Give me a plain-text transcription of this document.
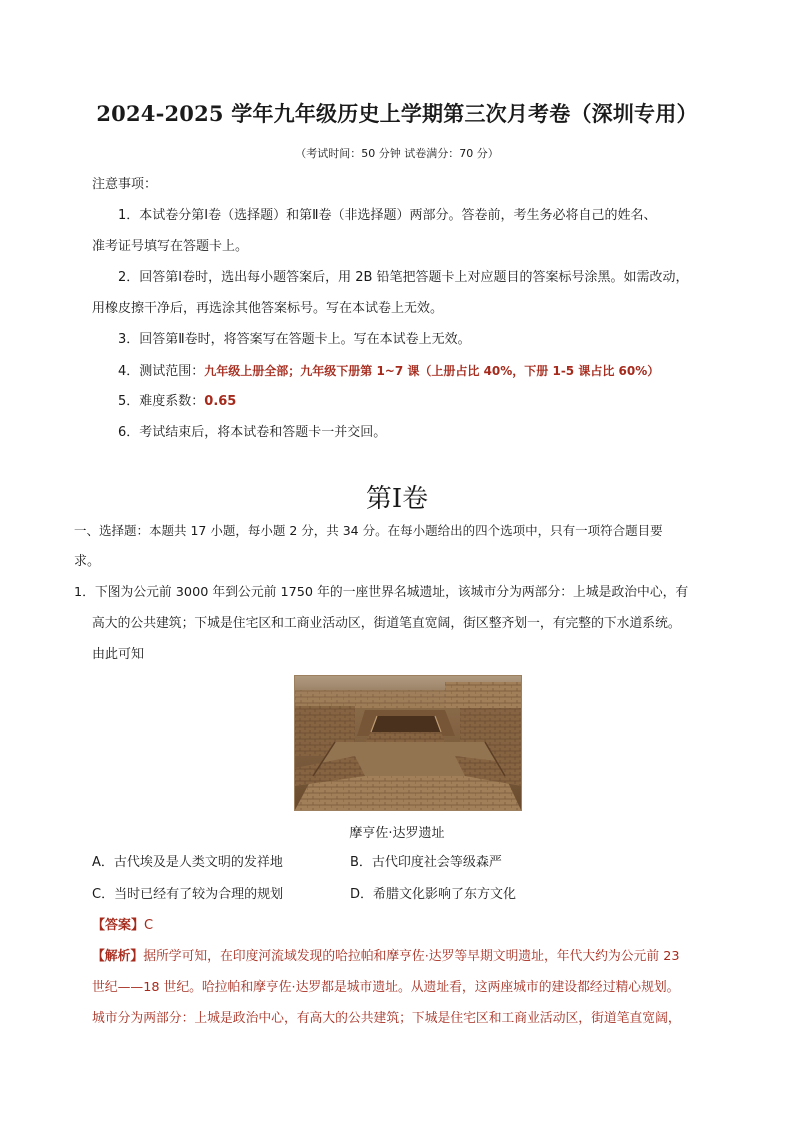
2024-2025 学年九年级历史上学期第三次月考卷（深圳专用）
（考试时间：50 分钟 试卷满分：70 分）
注意事项：
1．本试卷分第Ⅰ卷（选择题）和第Ⅱ卷（非选择题）两部分。答卷前，考生务必将自己的姓名、
准考证号填写在答题卡上。
2．回答第Ⅰ卷时，选出每小题答案后，用 2B 铅笔把答题卡上对应题目的答案标号涂黑。如需改动，
用橡皮擦干净后，再选涂其他答案标号。写在本试卷上无效。
3．回答第Ⅱ卷时，将答案写在答题卡上。写在本试卷上无效。
4．测试范围：九年级上册全部；九年级下册第 1~7 课（上册占比 40%，下册 1-5 课占比 60%）
5．难度系数：0.65
6．考试结束后，将本试卷和答题卡一并交回。
第Ⅰ卷
一、选择题：本题共 17 小题，每小题 2 分，共 34 分。在每小题给出的四个选项中，只有一项符合题目要
求。
1．下图为公元前 3000 年到公元前 1750 年的一座世界名城遗址，该城市分为两部分：上城是政治中心，有
高大的公共建筑；下城是住宅区和工商业活动区，街道笔直宽阔，街区整齐划一，有完整的下水道系统。
由此可知
摩亨佐·达罗遗址
A．古代埃及是人类文明的发祥地	B．古代印度社会等级森严
C．当时已经有了较为合理的规划	D．希腊文化影响了东方文化
【答案】C
【解析】据所学可知，在印度河流域发现的哈拉帕和摩亨佐·达罗等早期文明遗址，年代大约为公元前 23
世纪——18 世纪。哈拉帕和摩亨佐·达罗都是城市遗址。从遗址看，这两座城市的建设都经过精心规划。
城市分为两部分：上城是政治中心，有高大的公共建筑；下城是住宅区和工商业活动区，街道笔直宽阔，
